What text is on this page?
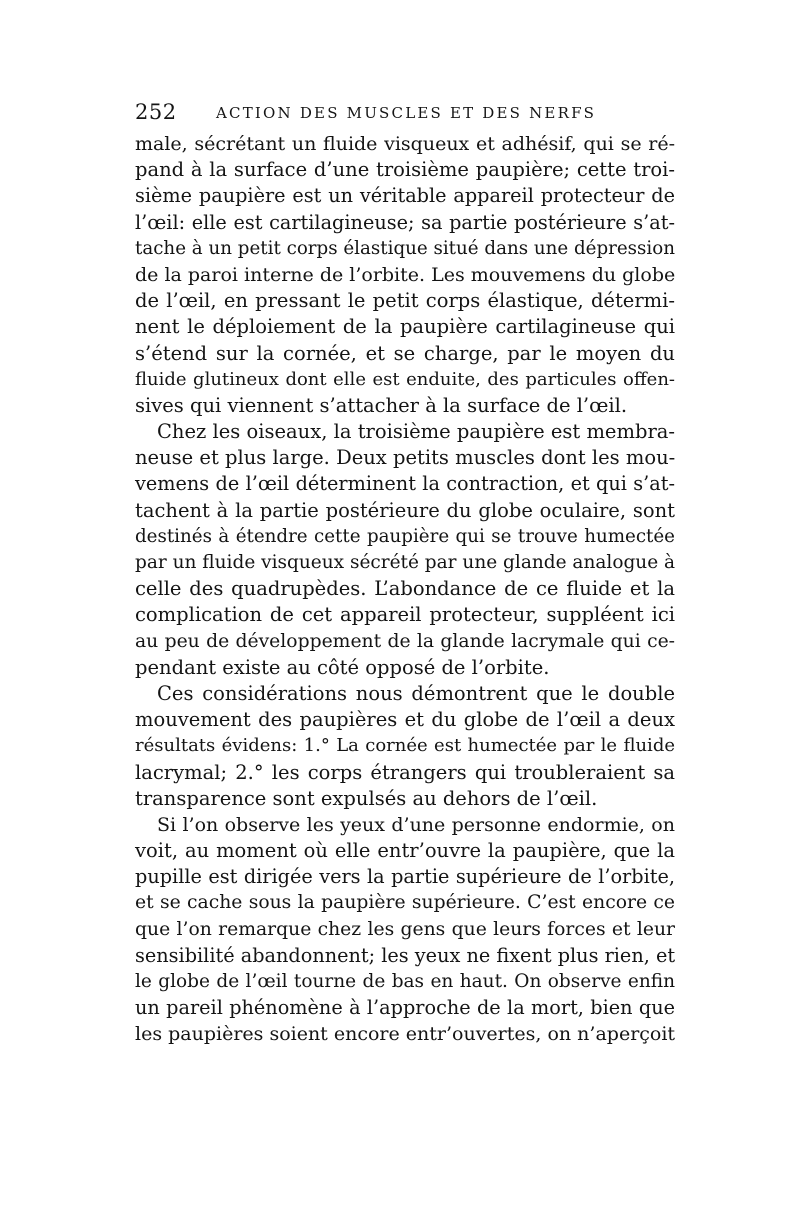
252	ACTION DES MUSCLES ET DES NERFS
male, sécrétant un fluide visqueux et adhésif, qui se ré-
pand à la surface d’une troisième paupière; cette troi-
sième paupière est un véritable appareil protecteur de
l’œil: elle est cartilagineuse; sa partie postérieure s’at-
tache à un petit corps élastique situé dans une dépression
de la paroi interne de l’orbite. Les mouvemens du globe
de l’œil, en pressant le petit corps élastique, détermi-
nent le déploiement de la paupière cartilagineuse qui
s’étend sur la cornée, et se charge, par le moyen du
fluide glutineux dont elle est enduite, des particules offen-
sives qui viennent s’attacher à la surface de l’œil.
Chez les oiseaux, la troisième paupière est membra-
neuse et plus large. Deux petits muscles dont les mou-
vemens de l’œil déterminent la contraction, et qui s’at-
tachent à la partie postérieure du globe oculaire, sont
destinés à étendre cette paupière qui se trouve humectée
par un fluide visqueux sécrété par une glande analogue à
celle des quadrupèdes. L’abondance de ce fluide et la
complication de cet appareil protecteur, suppléent ici
au peu de développement de la glande lacrymale qui ce-
pendant existe au côté opposé de l’orbite.
Ces considérations nous démontrent que le double
mouvement des paupières et du globe de l’œil a deux
résultats évidens: 1.° La cornée est humectée par le fluide
lacrymal; 2.° les corps étrangers qui troubleraient sa
transparence sont expulsés au dehors de l’œil.
Si l’on observe les yeux d’une personne endormie, on
voit, au moment où elle entr’ouvre la paupière, que la
pupille est dirigée vers la partie supérieure de l’orbite,
et se cache sous la paupière supérieure. C’est encore ce
que l’on remarque chez les gens que leurs forces et leur
sensibilité abandonnent; les yeux ne fixent plus rien, et
le globe de l’œil tourne de bas en haut. On observe enfin
un pareil phénomène à l’approche de la mort, bien que
les paupières soient encore entr’ouvertes, on n’aperçoit
